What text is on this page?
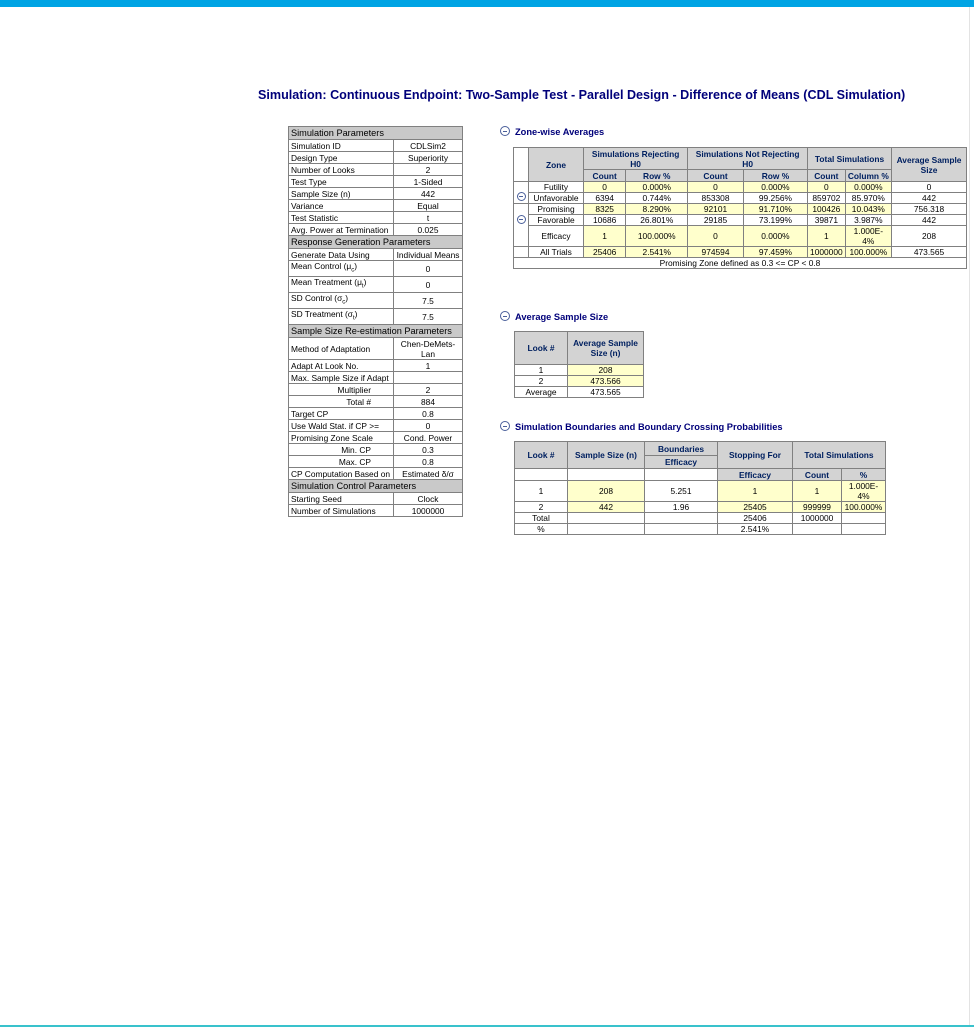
Simulation: Continuous Endpoint: Two-Sample Test - Parallel Design - Difference of Means (CDL Simulation)
Simulation Parameters	
Simulation ID	CDLSim2
Design Type	Superiority
Number of Looks	2
Test Type	1-Sided
Sample Size (n)	442
Variance	Equal
Test Statistic	t
Avg. Power at Termination	0.025
Response Generation Parameters	
Generate Data Using	Individual Means
Mean Control $(\mu_c)$	0
Mean Treatment $(\mu_t)$	0
SD Control $(\sigma_c)$	7.5
SD Treatment $(\sigma_t)$	7.5
Sample Size Re-estimation Parameters	
Method of Adaptation	Chen-DeMets-Lan
Adapt At Look No.	1
Max. Sample Size if Adapt	
Multiplier	2
Total #	884
Target CP	0.8
Use Wald Stat. if CP >=	0
Promising Zone Scale	Cond. Power
Min. CP	0.3
Max. CP	0.8
CP Computation Based on	Estimated δ/σ
Simulation Control Parameters	
Starting Seed	Clock
Number of Simulations	1000000
Zone-wise Averages
	Zone	Simulations Rejecting H0		Simulations Not Rejecting H0		Total Simulations		Average Sample Size
		Count	Row %	Count	Row %	Count	Column %	
	Futility	0	0.000%	0	0.000%	0	0.000%	0
	Unfavorable	6394	0.744%	853308	99.256%	859702	85.970%	442
	Promising	8325	8.290%	92101	91.710%	100426	10.043%	756.318
	Favorable	10686	26.801%	29185	73.199%	39871	3.987%	442
	Efficacy	1	100.000%	0	0.000%	1	1.000E-4%	208
	All Trials	25406	2.541%	974594	97.459%	1000000	100.000%	473.565
Promising Zone defined as 0.3 <= CP < 0.8								
Average Sample Size
Look #	Average Sample Size (n)
1	208
2	473.566
Average	473.565
Simulation Boundaries and Boundary Crossing Probabilities
Look #	Sample Size (n)	Boundaries	Stopping For	Total Simulations	
		Efficacy			
			Efficacy	Count	%
1	208	5.251	1	1	1.000E-4%
2	442	1.96	25405	999999	100.000%
Total			25406	1000000	
%			2.541%		
